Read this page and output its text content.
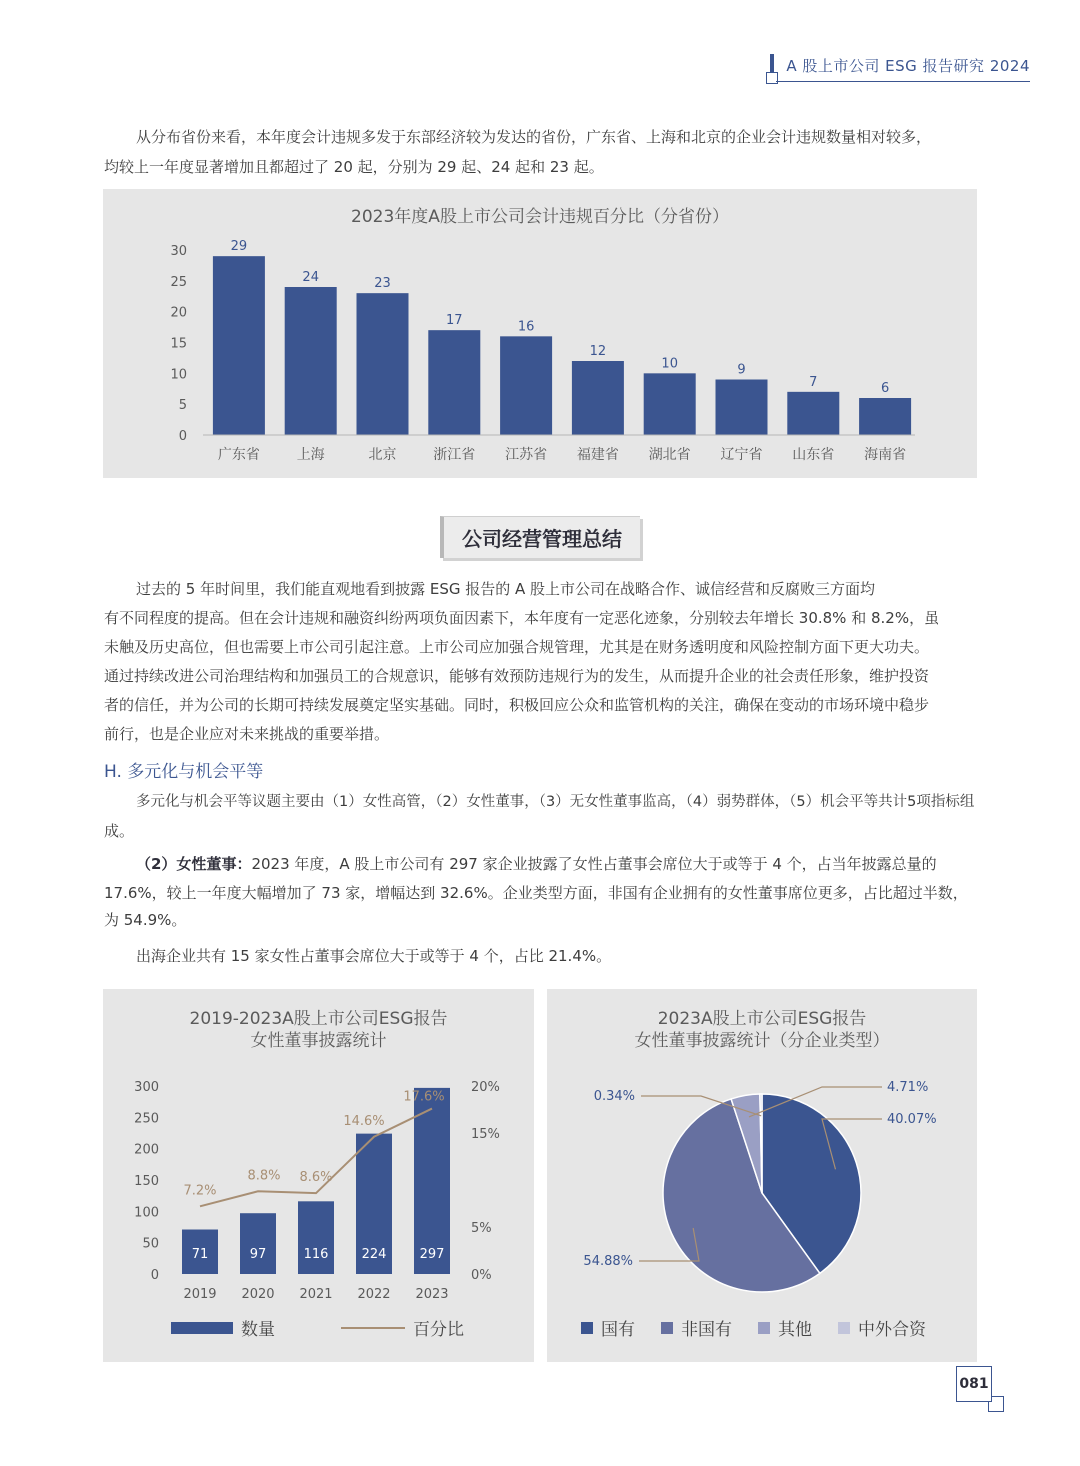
A 股上市公司 ESG 报告研究 2024
从分布省份来看，本年度会计违规多发于东部经济较为发达的省份，广东省、上海和北京的企业会计违规数量相对较多，
均较上一年度显著增加且都超过了 20 起，分别为 29 起、24 起和 23 起。
2023年度A股上市公司会计违规百分比（分省份）
0
5
10
15
20
25
30	29
广东省
24
上海
23
北京
17
浙江省
16
江苏省
12
福建省
10
湖北省
9
辽宁省
7
山东省
6
海南省
公司经营管理总结
过去的 5 年时间里，我们能直观地看到披露 ESG 报告的 A 股上市公司在战略合作、诚信经营和反腐败三方面均
有不同程度的提高。但在会计违规和融资纠纷两项负面因素下，本年度有一定恶化迹象，分别较去年增长 30.8% 和 8.2%，虽
未触及历史高位，但也需要上市公司引起注意。上市公司应加强合规管理，尤其是在财务透明度和风险控制方面下更大功夫。
通过持续改进公司治理结构和加强员工的合规意识，能够有效预防违规行为的发生，从而提升企业的社会责任形象，维护投资
者的信任，并为公司的长期可持续发展奠定坚实基础。同时，积极回应公众和监管机构的关注，确保在变动的市场环境中稳步
前行，也是企业应对未来挑战的重要举措。
H. 多元化与机会平等
多元化与机会平等议题主要由（1）女性高管，（2）女性董事，（3）无女性董事监高，（4）弱势群体，（5）机会平等共计5项指标组
成。
（2）女性董事：2023 年度，A 股上市公司有 297 家企业披露了女性占董事会席位大于或等于 4 个，占当年披露总量的
17.6%，较上一年度大幅增加了 73 家，增幅达到 32.6%。企业类型方面，非国有企业拥有的女性董事席位更多，占比超过半数，
为 54.9%。
出海企业共有 15 家女性占董事会席位大于或等于 4 个，占比 21.4%。
2019-2023A股上市公司ESG报告
女性董事披露统计
71
2019
97
2020
116
2021
224
2022
297
2023
7.2%
8.8% 8.6%
14.6%
17.6%
0
50
100
150
200
250
300
0%
5%
15%
20%
数量	百分比
2023A股上市公司ESG报告
女性董事披露统计（分企业类型）
40.07%
54.88%
4.71%
0.34%
国有	非国有	其他	中外合资
081
